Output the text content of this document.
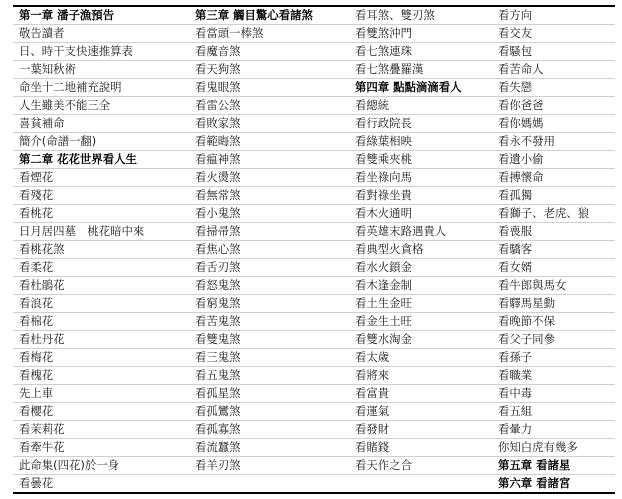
第一章 潘子漁預告	第三章 觸目驚心看諸煞	看耳煞、雙刃煞	看方向
敬告讀者	看當頭一棒煞	看雙煞沖門	看交友
日、時干支快速推算表	看魔音煞	看七煞連珠	看騷包
一葉知秋術	看天狗煞	看七煞疊羅漢	看苦命人
命坐十二地補充說明	看鬼眼煞	第四章 點點滴滴看人	看失戀
人生雖美不能三全	看雷公煞	看總統	看你爸爸
喜貧補命	看敗家煞	看行政院長	看你媽媽
簡介(命譜一翻)	看範晦煞	看綠葉相映	看永不發用
第二章 花花世界看人生	看瘟神煞	看雙乘夾桃	看遺小偷
看煙花	看火燙煞	看坐祿向馬	看搏懷命
看殘花	看無常煞	看對祿坐貴	看孤獨
看桃花	看小鬼煞	看木火通明	看獅子、老虎、狼
日月居四墓　桃花暗中來	看掃帚煞	看英雄末路遇貴人	看喪服
看桃花煞	看焦心煞	看典型火貪格	看驕客
看柔花	看舌刃煞	看水火鎖金	看女婿
看杜鵑花	看怒鬼煞	看木逢金制	看牛郎與馬女
看浪花	看窮鬼煞	看土生金旺	看驛馬星動
看棉花	看苦鬼煞	看金生土旺	看晚節不保
看杜丹花	看雙鬼煞	看雙水淘金	看父子同參
看梅花	看三鬼煞	看太歲	看孫子
看槐花	看五鬼煞	看將來	看職業
先上車	看孤星煞	看富貴	看中毒
看櫻花	看孤鸞煞	看運氣	看五組
看茉莉花	看孤寡煞	看發財	看暈力
看牽牛花	看流蠶煞	看賭錢	你知白虎有幾多
此命集(四花)於一身	看羊刃煞	看天作之合	第五章 看諸星
看曇花			第六章 看諸宮
